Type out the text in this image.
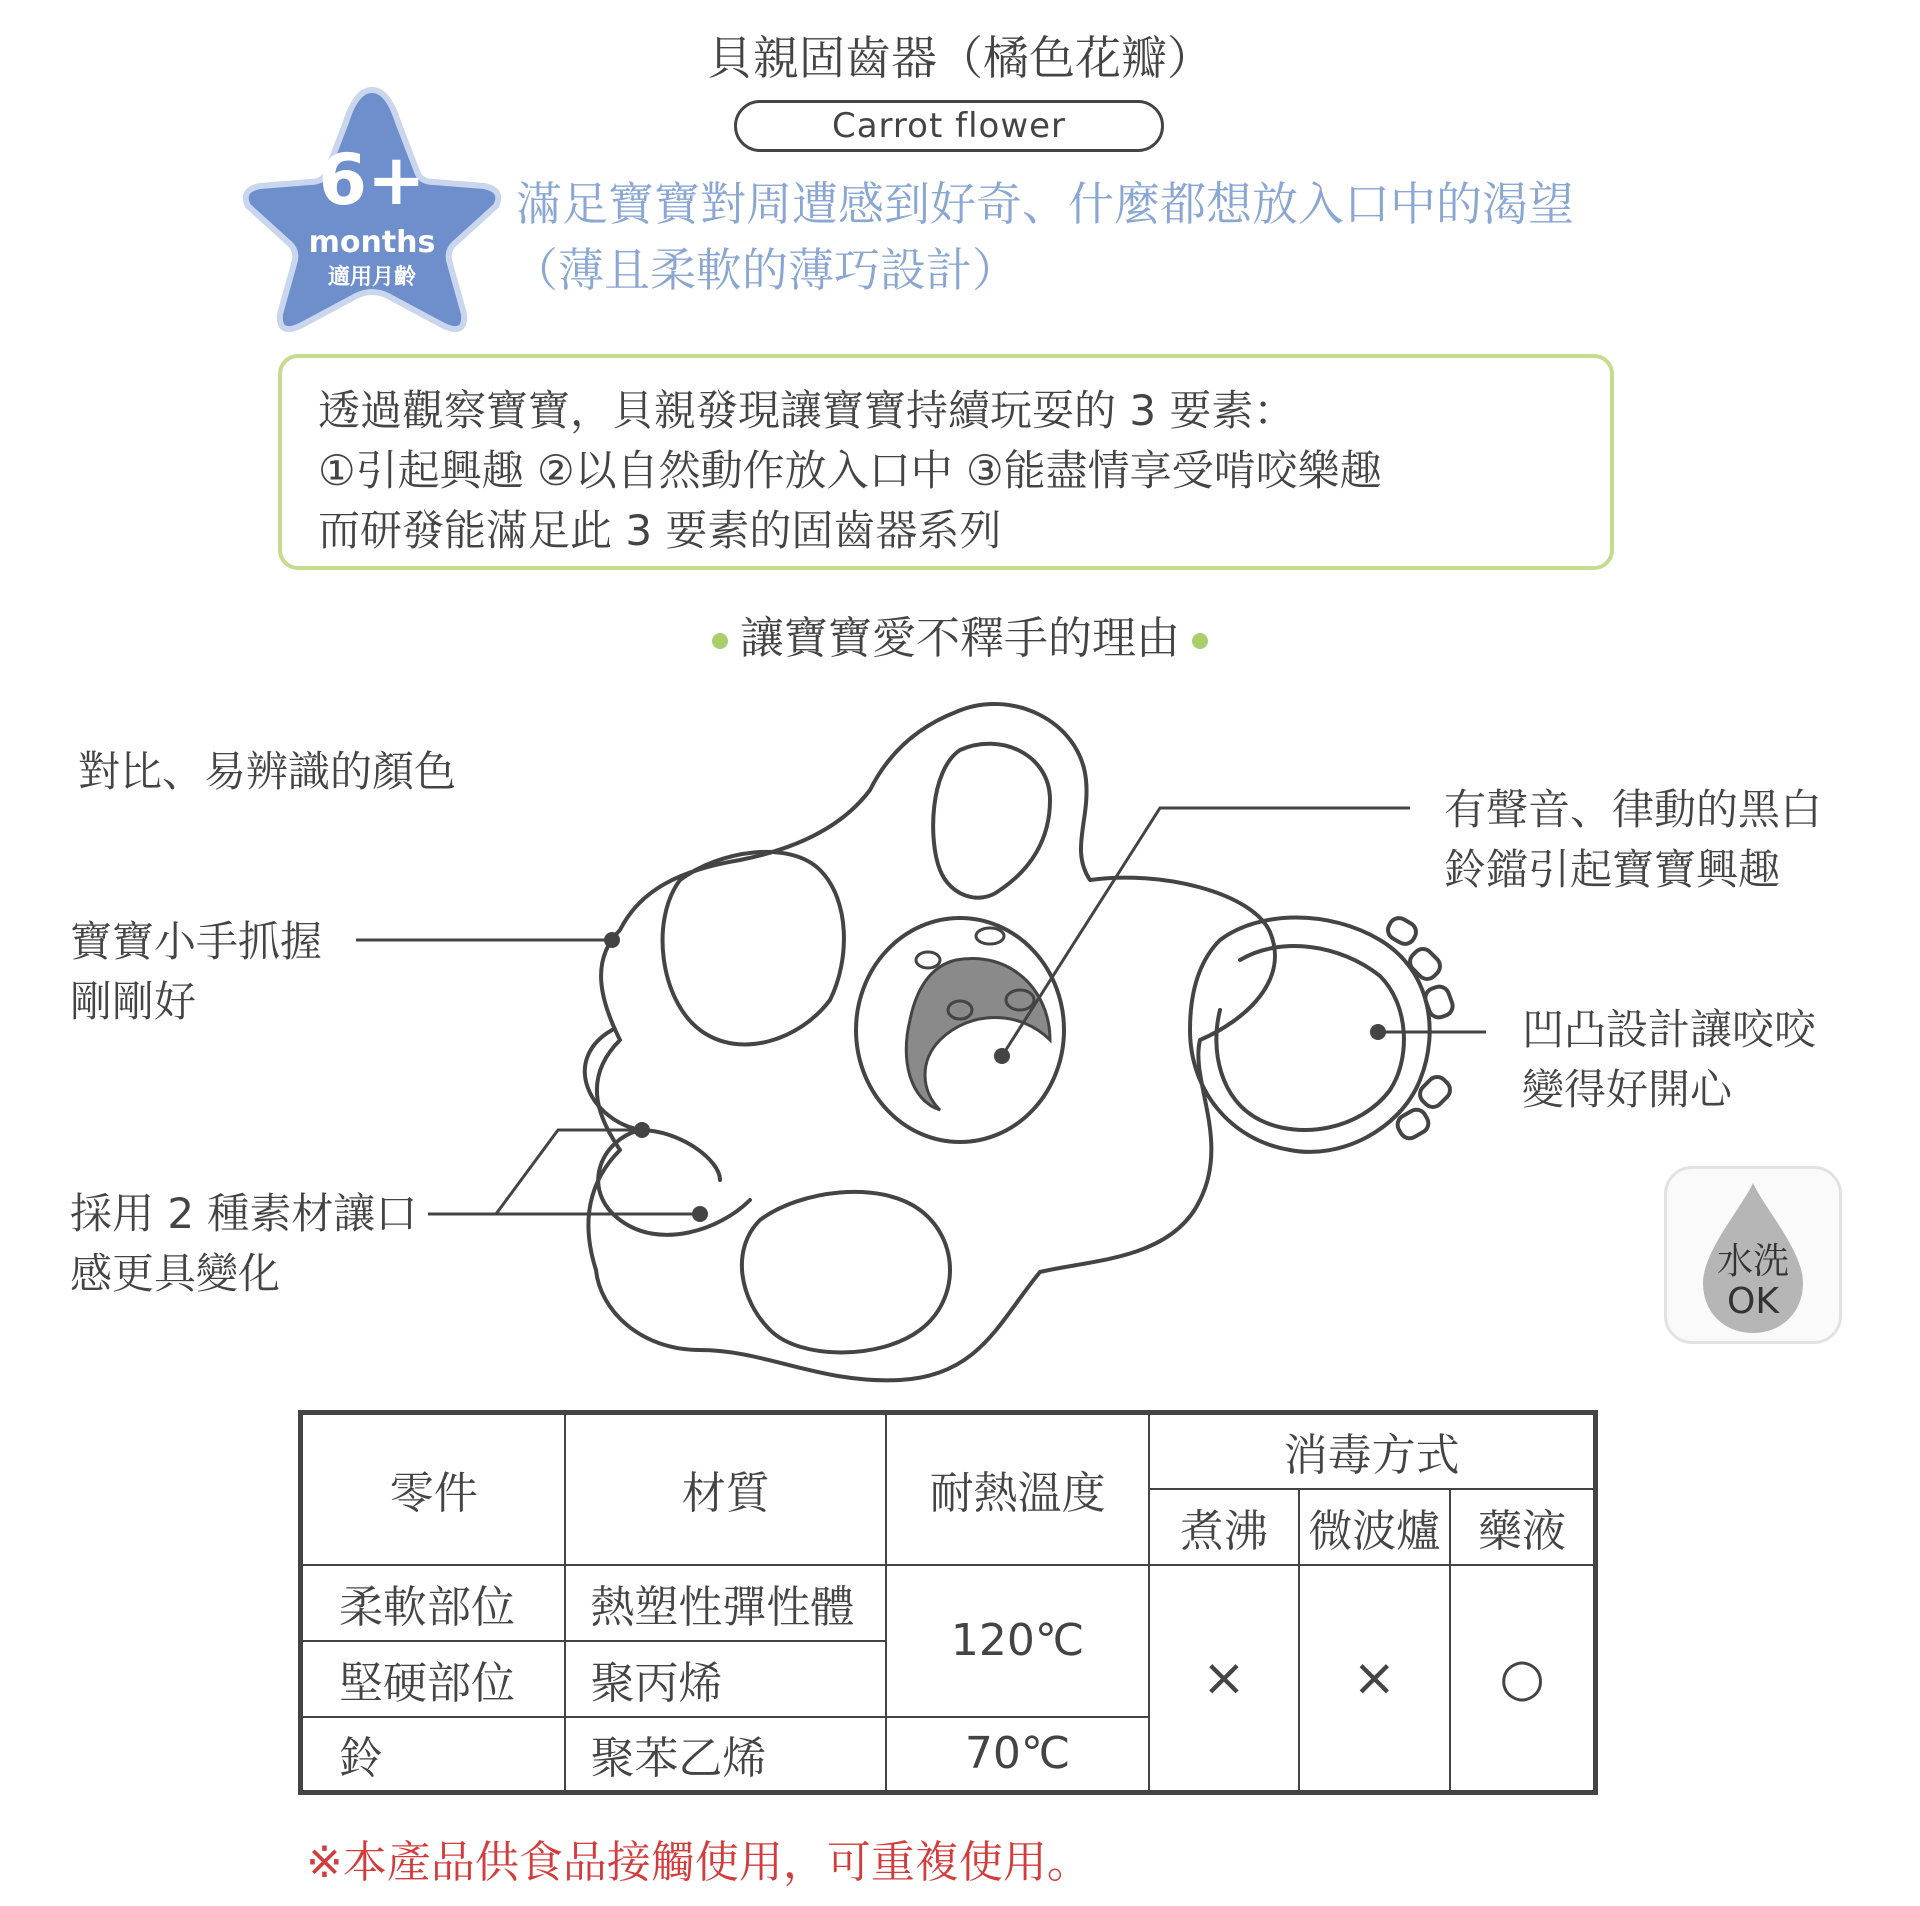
貝親固齒器（橘色花瓣）
Carrot flower
6+
months
適用月齡
滿足寶寶對周遭感到好奇、什麼都想放入口中的渴望
（薄且柔軟的薄巧設計）
透過觀察寶寶，貝親發現讓寶寶持續玩耍的 3 要素：
①引起興趣 ②以自然動作放入口中 ③能盡情享受啃咬樂趣
而研發能滿足此 3 要素的固齒器系列
讓寶寶愛不釋手的理由
對比、易辨識的顏色
寶寶小手抓握
剛剛好
採用 2 種素材讓口
感更具變化
有聲音、律動的黑白
鈴鐺引起寶寶興趣
凹凸設計讓咬咬
變得好開心
水洗
OK
零件	材質	耐熱溫度	消毒方式		
			煮沸	微波爐	藥液
柔軟部位	熱塑性彈性體	120℃	×	×	○
堅硬部位	聚丙烯				
鈴	聚苯乙烯	70℃			
※本產品供食品接觸使用，可重複使用。
